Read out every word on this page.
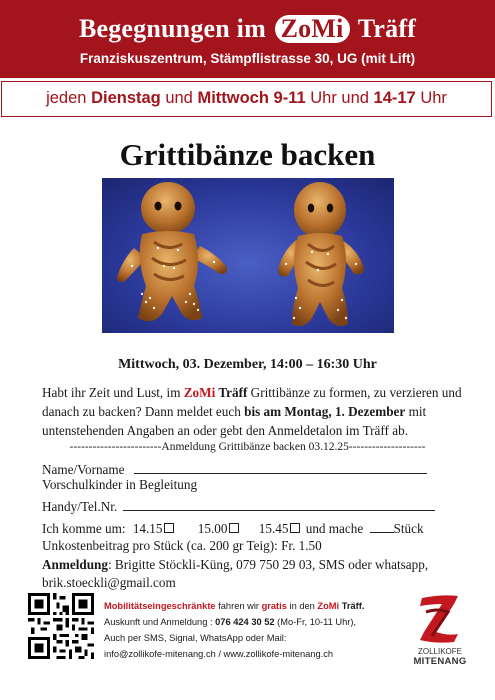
Begegnungen im ZoMi Träff
Franziskuszentrum, Stämpflistrasse 30, UG (mit Lift)
jeden Dienstag und Mittwoch 9-11 Uhr und 14-17 Uhr
Grittibänze backen
Mittwoch, 03. Dezember, 14:00 – 16:30 Uhr
Habt ihr Zeit und Lust, im ZoMi Träff Grittibänze zu formen, zu verzieren und danach zu backen? Dann meldet euch bis am Montag, 1. Dezember mit untenstehenden Angaben an oder gebt den Anmeldetalon im Träff ab.
------------------------Anmeldung Grittibänze backen 03.12.25--------------------
Name/Vorname
Vorschulkinder in Begleitung
Handy/Tel.Nr.
Ich komme um: 14.15	15.00 15.45 und mache Stück
Unkostenbeitrag pro Stück (ca. 200 gr Teig): Fr. 1.50
Anmeldung: Brigitte Stöckli-Küng, 079 750 29 03, SMS oder whatsapp,
brik.stoeckli@gmail.com
Mobilitätseingeschränkte fahren wir gratis in den ZoMi Träff.
Auskunft und Anmeldung : 076 424 30 52 (Mo-Fr, 10-11 Uhr),
Auch per SMS, Signal, WhatsApp oder Mail:
info@zollikofe-mitenang.ch / www.zollikofe-mitenang.ch	ZOLLIKOFE
MITENANG
